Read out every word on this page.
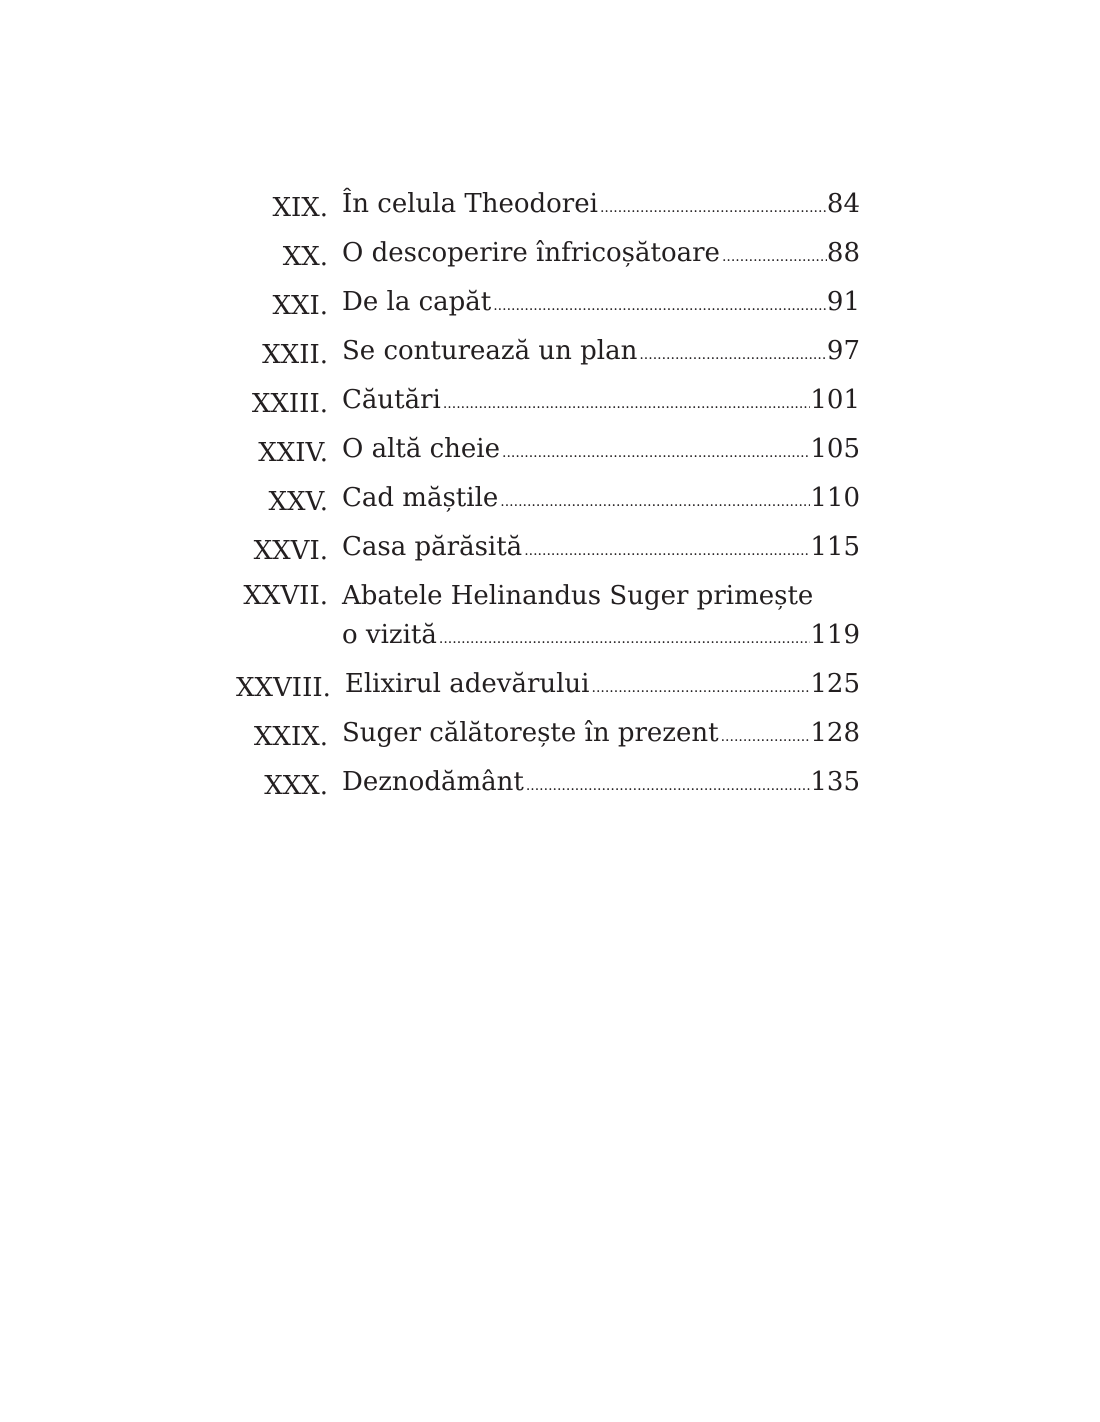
XIX. În celula Theodorei .....	84
XX. O descoperire înfricoșătoare .....	88
XXI. De la capăt .....	91
XXII. Se conturează un plan .....	97
XXIII. Căutări .....	101
XXIV. O altă cheie .....	105
XXV. Cad măștile .....	110
XXVI. Casa părăsită .....	115
XXVII. Abatele Helinandus Suger primește
o vizită .....	119
XXVIII. Elixirul adevărului .....	125
XXIX. Suger călătorește în prezent .....	128
XXX. Deznodământ .....	135
